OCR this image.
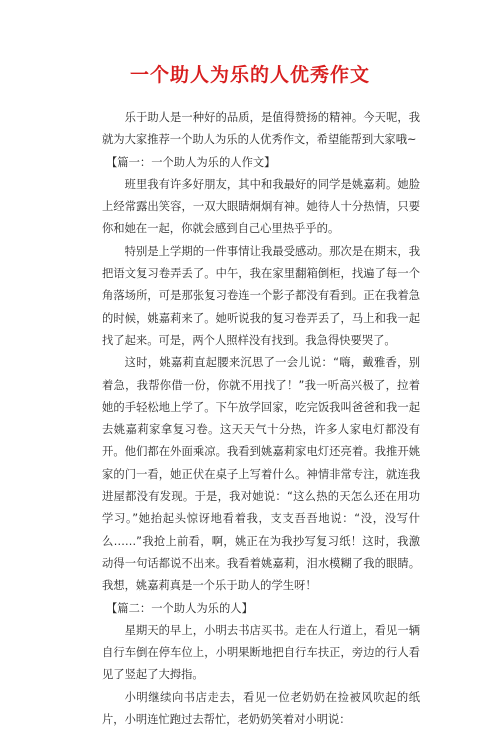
一个助人为乐的人优秀作文

乐于助人是一种好的品质，是值得赞扬的精神。今天呢，我就为大家推荐一个助人为乐的人优秀作文，希望能帮到大家哦~

【篇一：一个助人为乐的人作文】

班里我有许多好朋友，其中和我最好的同学是姚嘉莉。她脸上经常露出笑容，一双大眼睛炯炯有神。她待人十分热情，只要你和她在一起，你就会感到自己心里热乎乎的。

特别是上学期的一件事情让我最受感动。那次是在期末，我把语文复习卷弄丢了。中午，我在家里翻箱倒柜，找遍了每一个角落场所，可是那张复习卷连一个影子都没有看到。正在我着急的时候，姚嘉莉来了。她听说我的复习卷弄丢了，马上和我一起找了起来。可是，两个人照样没有找到。我急得快要哭了。

这时，姚嘉莉直起腰来沉思了一会儿说：“嗨，戴雅香，别着急，我帮你借一份，你就不用找了！”我一听高兴极了，拉着她的手轻松地上学了。下午放学回家，吃完饭我叫爸爸和我一起去姚嘉莉家拿复习卷。这天天气十分热，许多人家电灯都没有开。他们都在外面乘凉。我看到姚嘉莉家电灯还亮着。我推开姚家的门一看，她正伏在桌子上写着什么。神情非常专注，就连我进屋都没有发现。于是，我对她说：“这么热的天怎么还在用功学习。”她抬起头惊讶地看着我，支支吾吾地说：“没，没写什么……”我抢上前看，啊，姚正在为我抄写复习纸！这时，我激动得一句话都说不出来。我看着姚嘉莉，泪水模糊了我的眼睛。我想，姚嘉莉真是一个乐于助人的学生呀！

【篇二：一个助人为乐的人】

星期天的早上，小明去书店买书。走在人行道上，看见一辆自行车倒在停车位上，小明果断地把自行车扶正，旁边的行人看见了竖起了大拇指。

小明继续向书店走去，看见一位老奶奶在捡被风吹起的纸片，小明连忙跑过去帮忙，老奶奶笑着对小明说：
